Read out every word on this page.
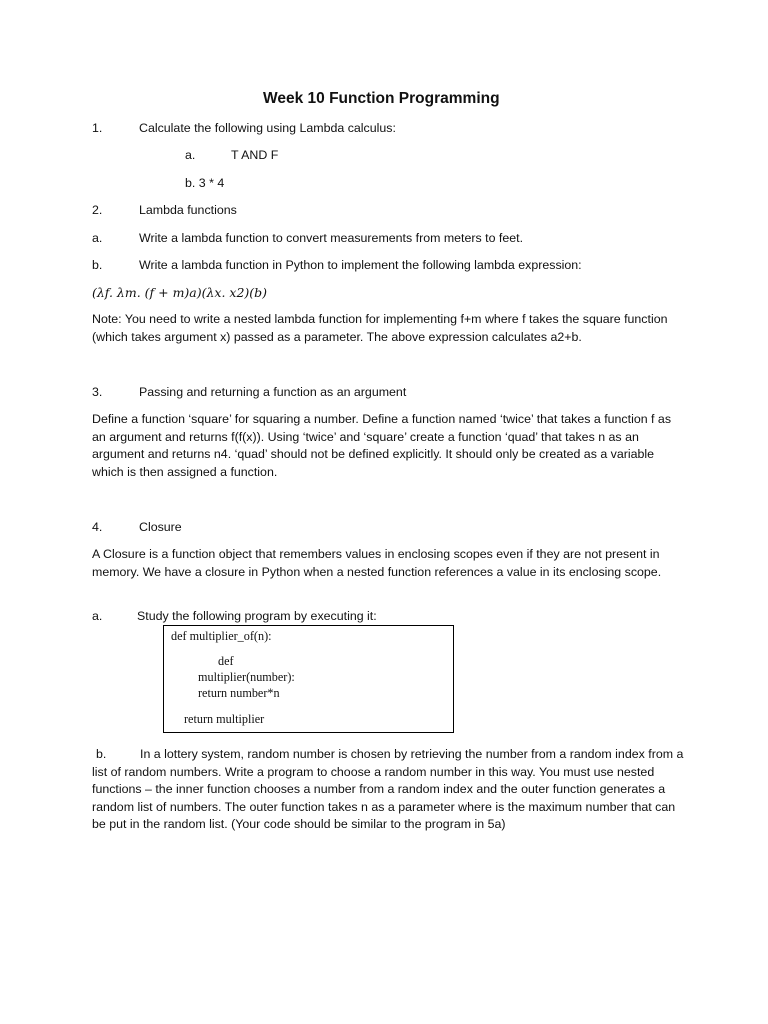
Week 10 Function Programming
1.	Calculate the following using Lambda calculus:
a.	T AND F
b. 3 * 4
2.	Lambda functions
a.	Write a lambda function to convert measurements from meters to feet.
b.	Write a lambda function in Python to implement the following lambda expression:
(λf. λm. (f + m)a)(λx. x2)(b)
Note: You need to write a nested lambda function for implementing f+m where f takes the square function (which takes argument x) passed as a parameter. The above expression calculates a2+b.
3.	Passing and returning a function as an argument
Define a function ‘square’ for squaring a number. Define a function named ‘twice’ that takes a function f as an argument and returns f(f(x)). Using ‘twice’ and ‘square’ create a function ‘quad’ that takes n as an argument and returns n4. ‘quad’ should not be defined explicitly. It should only be created as a variable which is then assigned a function.
4.	Closure
A Closure is a function object that remembers values in enclosing scopes even if they are not present in memory. We have a closure in Python when a nested function references a value in its enclosing scope.
a.	Study the following program by executing it:
def multiplier_of(n):
def
multiplier(number):
return number*n
return multiplier
b.	In a lottery system, random number is chosen by retrieving the number from a random index from a list of random numbers. Write a program to choose a random number in this way. You must use nested functions – the inner function chooses a number from a random index and the outer function generates a random list of numbers. The outer function takes n as a parameter where is the maximum number that can be put in the random list. (Your code should be similar to the program in 5a)
